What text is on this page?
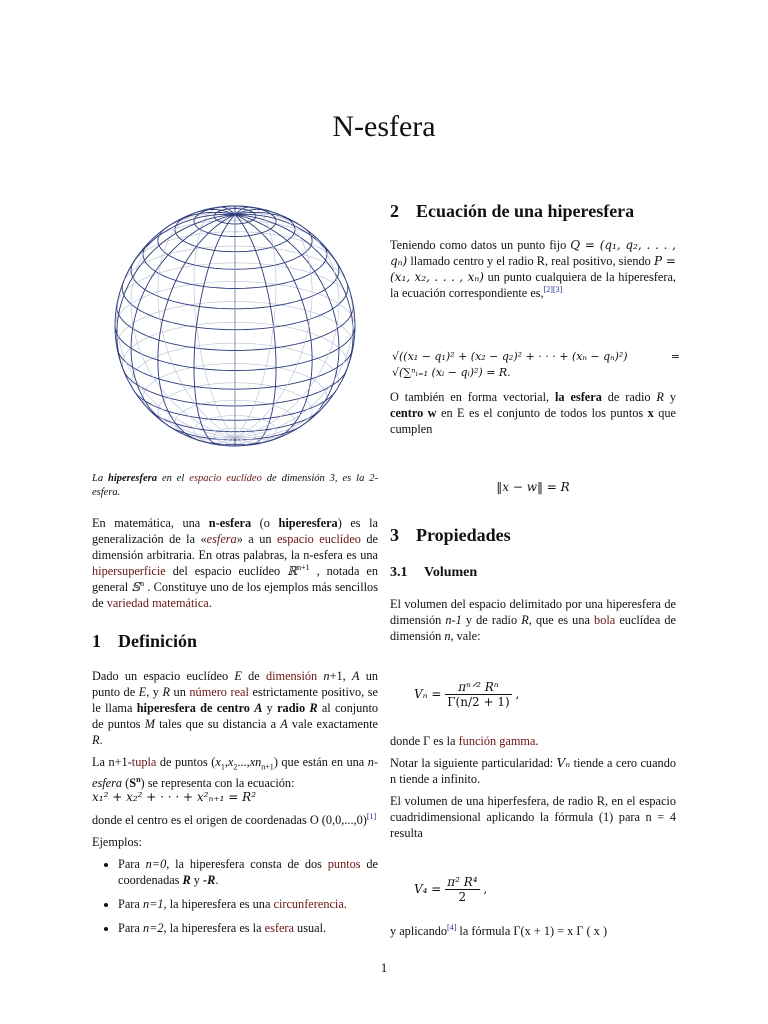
N-esfera

La hiperesfera en el espacio euclídeo de dimensión 3, es la 2-esfera.

En matemática, una n-esfera (o hiperesfera) es la generalización de la «esfera» a un espacio euclídeo de dimensión arbitraria. En otras palabras, la n-esfera es una hipersuperficie del espacio euclídeo ℝ$^{n+1}$ , notada en general 𝕊$^n$ . Constituye uno de los ejemplos más sencillos de variedad matemática.

1 Definición

Dado un espacio euclídeo E de dimensión n+1, A un punto de E, y R un número real estrictamente positivo, se le llama hiperesfera de centro A y radio R al conjunto de puntos M tales que su distancia a A vale exactamente R.

La n+1-tupla de puntos $(x_1,x_2...,xn_{n+1})$ que están en una n-esfera $(S^n)$ se representa con la ecuación:

x₁² + x₂² + · · · + x²ₙ₊₁ = R²

donde el centro es el origen de coordenadas O (0,0,...,0)[1]

Ejemplos:

• Para n=0, la hiperesfera consta de dos puntos de coordenadas R y -R.
• Para n=1, la hiperesfera es una circunferencia.
• Para n=2, la hiperesfera es la esfera usual.
2 Ecuación de una hiperesfera

Teniendo como datos un punto fijo Q = (q₁, q₂, . . . , qₙ) llamado centro y el radio R, real positivo, siendo P = (x₁, x₂, . . . , xₙ) un punto cualquiera de la hiperesfera, la ecuación correspondiente es,[2][3]

√((x₁ − q₁)² + (x₂ − q₂)² + · · · + (xₙ − qₙ)²)	=
√(∑ⁿᵢ₌₁ (xᵢ − qᵢ)²) = R.

O también en forma vectorial, la esfera de radio R y centro w en E es el conjunto de todos los puntos x que cumplen

‖x − w‖ = R
3 Propiedades
3.1 Volumen

El volumen del espacio delimitado por una hiperesfera de dimensión n-1 y de radio R, que es una bola euclídea de dimensión n, vale:

$V_n = \frac{\text{πⁿᐟ² Rⁿ}}{\Gamma(n/2 + 1)}$ ,

donde Γ es la función gamma.

Notar la siguiente particularidad: Vₙ tiende a cero cuando n tiende a infinito.

El volumen de una hiperfesfera, de radio R, en el espacio cuadridimensional aplicando la fórmula (1) para n = 4 resulta

$V_4 = \frac{\text{π² R⁴}}{2}$ ,

y aplicando[4] la fórmula Γ(x + 1) = x Γ ( x )

1
